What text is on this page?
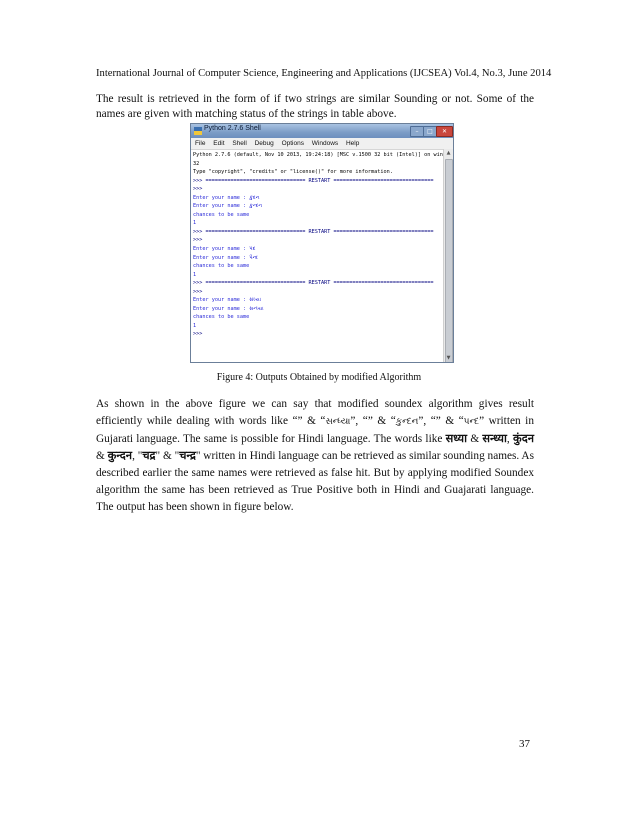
International Journal of Computer Science, Engineering and Applications (IJCSEA) Vol.4, No.3, June 2014

The result is retrieved in the form of if two strings are similar Sounding or not. Some of the names are given with matching status of the strings in table above.

Python 2.7.6 Shell	–	□	✕
File Edit Shell Debug Options Windows Help
Python 2.7.6 (default, Nov 10 2013, 19:24:18) [MSC v.1500 32 bit (Intel)] on win
32
Type "copyright", "credits" or "license()" for more information.
>>> ================================ RESTART ================================
>>>
Enter your name : કુંદન
Enter your name : કુન્દન
chances to be same
1
>>> ================================ RESTART ================================
>>>
Enter your name : પંદ
Enter your name : પેન્દ
chances to be same
1
>>> ================================ RESTART ================================
>>>
Enter your name : સંધ્યા
Enter your name : સન્ધ્યા
chances to be same
1
>>>
▲
▼
Figure 4: Outputs Obtained by modified Algorithm

As shown in the above figure we can say that modified soundex algorithm gives result efficiently while dealing with words like “” & “સન્ધ્યા”, “” & “કુન્દન”, “” & “પન્દ” written in Gujarati language. The same is possible for Hindi language. The words like सध्या & सन्ध्या, कुंदन & कुन्दन, "चद्र" & "चन्द्र" written in Hindi language can be retrieved as similar sounding names. As described earlier the same names were retrieved as false hit. But by applying modified Soundex algorithm the same has been retrieved as True Positive both in Hindi and Guajarati language. The output has been shown in figure below.

37
